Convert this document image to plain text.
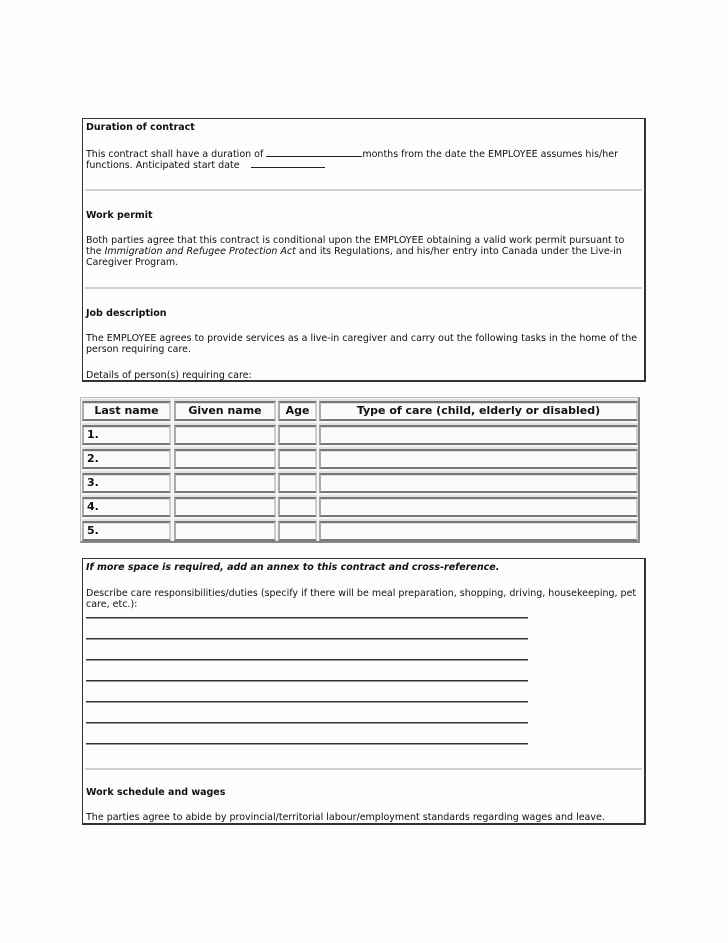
Duration of contract
This contract shall have a duration of	months from the date the EMPLOYEE assumes his/her
functions. Anticipated start date
Work permit
Both parties agree that this contract is conditional upon the EMPLOYEE obtaining a valid work permit pursuant to
the Immigration and Refugee Protection Act and its Regulations, and his/her entry into Canada under the Live-in
Caregiver Program.
Job description
The EMPLOYEE agrees to provide services as a live-in caregiver and carry out the following tasks in the home of the
person requiring care.
Details of person(s) requiring care:
Last name	Given name	Age	Type of care (child, elderly or disabled)
1.
2.
3.
4.
5.
If more space is required, add an annex to this contract and cross-reference.
Describe care responsibilities/duties (specify if there will be meal preparation, shopping, driving, housekeeping, pet
care, etc.):
Work schedule and wages
The parties agree to abide by provincial/territorial labour/employment standards regarding wages and leave.
